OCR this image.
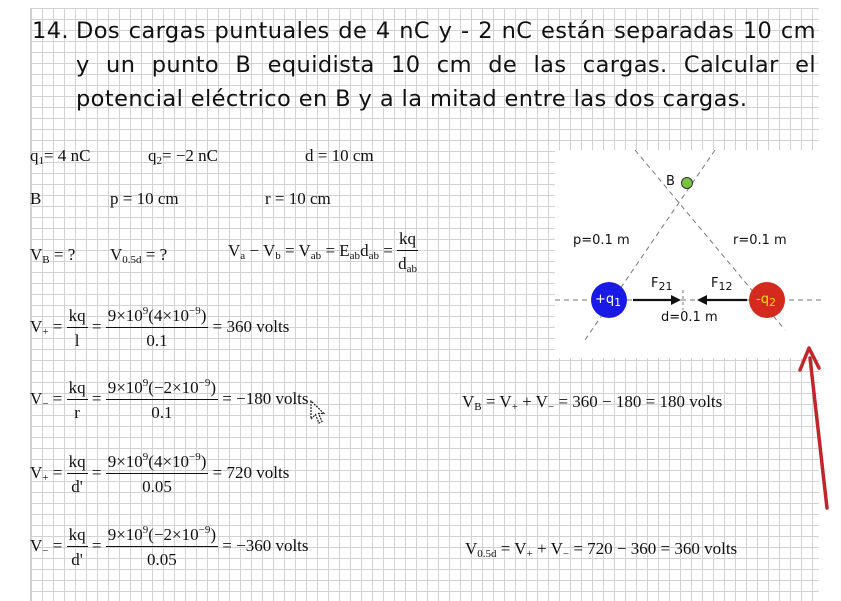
14. Dos cargas puntuales de 4 nC y - 2 nC están separadas 10 cm y un punto B equidista 10 cm de las cargas. Calcular el potencial eléctrico en B y a la mitad entre las dos cargas.
$q_1= 4$ nC	$q_2= -2$ nC	d = 10 cm
B	p = 10 cm	r = 10 cm
$V_B$ = ? $V_{0.5d}$ = ?	$V_a - V_b = V_{ab} = E_{ab}d_{ab} = \frac{kq}{d_{ab}}$
$V_+ = \frac{kq}{l} = \frac{9\times 10^9(4\times 10^{-9})}{0.1} = 360$ volts
$V_- = \frac{kq}{r} = \frac{9\times 10^9(-2\times 10^{-9})}{0.1} = -180$ volts	$V_B = V_+ + V_- = 360 - 180 = 180$ volts
$V_+ = \frac{kq}{d'} = \frac{9\times 10^9(4\times 10^{-9})}{0.05} = 720$ volts
$V_- = \frac{kq}{d'} = \frac{9\times 10^9(-2\times 10^{-9})}{0.05} = -360$ volts	$V_{0.5d} = V_+ + V_- = 720 - 360 = 360$ volts
B
p=0.1 m	r=0.1 m
$F_{21}$	$F_{12}$
$+q_1$	$-q_2$
d=0.1 m
